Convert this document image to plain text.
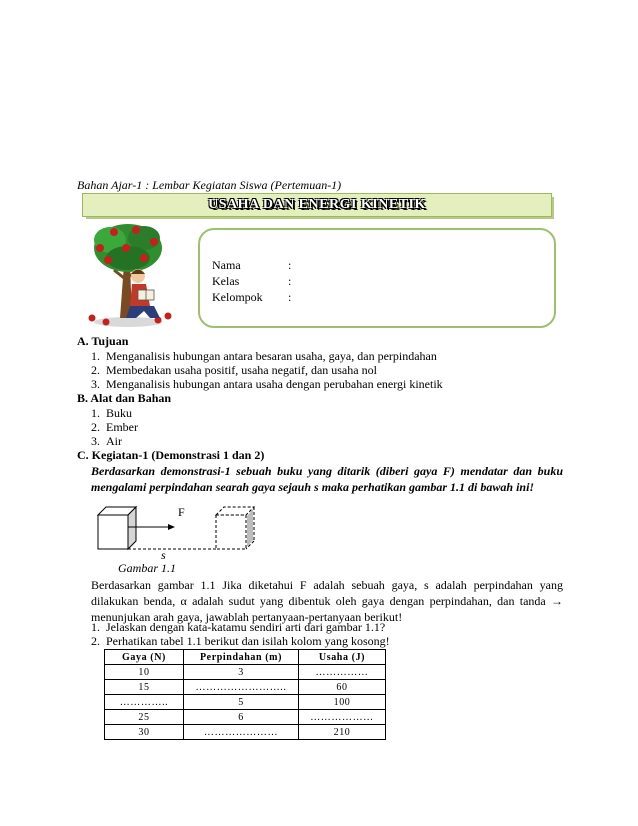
Bahan Ajar-1 : Lembar Kegiatan Siswa (Pertemuan-1)
USAHA DAN ENERGI KINETIK
Nama	:
Kelas	:
Kelompok :
A. Tujuan
1. Menganalisis hubungan antara besaran usaha, gaya, dan perpindahan
2. Membedakan usaha positif, usaha negatif, dan usaha nol
3. Menganalisis hubungan antara usaha dengan perubahan energi kinetik
B. Alat dan Bahan
1. Buku
2. Ember
3. Air
C. Kegiatan-1 (Demonstrasi 1 dan 2)
Berdasarkan demonstrasi-1 sebuah buku yang ditarik (diberi gaya F) mendatar dan buku mengalami perpindahan searah gaya sejauh s maka perhatikan gambar 1.1 di bawah ini!
F
s
Gambar 1.1
Berdasarkan gambar 1.1 Jika diketahui F adalah sebuah gaya, s adalah perpindahan yang dilakukan benda, α adalah sudut yang dibentuk oleh gaya dengan perpindahan, dan tanda → menunjukan arah gaya, jawablah pertanyaan-pertanyaan berikut!
1. Jelaskan dengan kata-katamu sendiri arti dari gambar 1.1?
2. Perhatikan tabel 1.1 berikut dan isilah kolom yang kosong!
Gaya (N)	Perpindahan (m)	Usaha (J)
10	3	……………
15	……………………..	60
…………..	5	100
25	6	………………
30	…………………	210
